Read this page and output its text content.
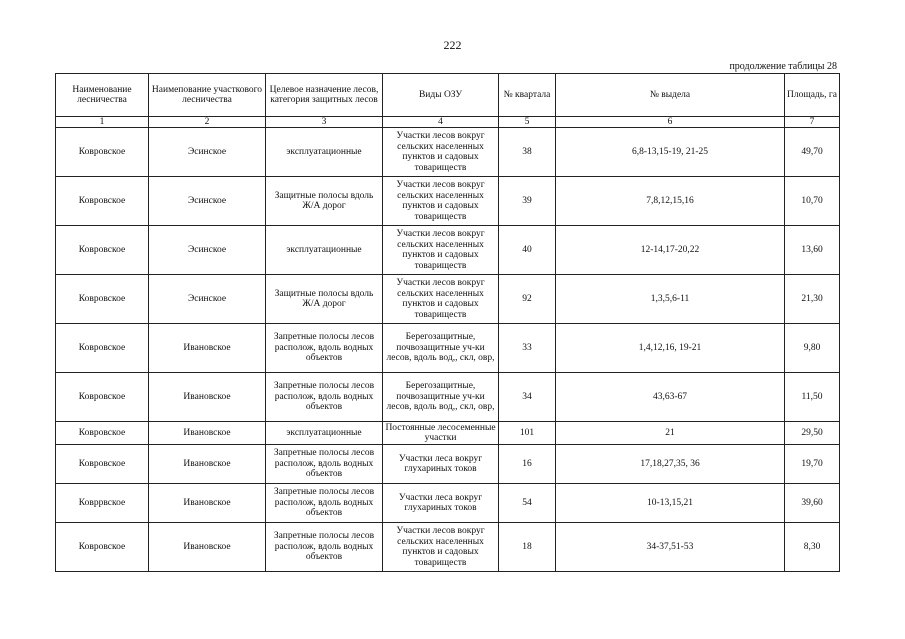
222
продолжение таблицы 28
Наименование лесничества	Наимепование участкового лесничества	Целевое назначение лесов, категория защитных лесов	Виды ОЗУ	№ квартала	№ выдела	Площадь, га
1	2	3	4	5	6	7
Ковровское	Эсинское	эксплуатационные	Участки лесов вокруг сельских населенных пунктов и садовых товариществ	38	6,8-13,15-19, 21-25	49,70
Ковровское	Эсинское	Защитные полосы вдоль Ж/А дорог	Участки лесов вокруг сельских населенных пунктов и садовых товариществ	39	7,8,12,15,16	10,70
Ковровское	Эсинское	эксплуатационные	Участки лесов вокруг сельских населенных пунктов и садовых товариществ	40	12-14,17-20,22	13,60
Ковровское	Эсинское	Защитные полосы вдоль Ж/А дорог	Участки лесов вокруг сельских населенных пунктов и садовых товариществ	92	1,3,5,6-11	21,30
Ковровское	Ивановское	Запретные полосы лесов располож, вдоль водных объектов	Берегозащитные, почвозащитные уч-ки лесов, вдоль вод,, скл, овр,	33	1,4,12,16, 19-21	9,80
Ковровское	Ивановское	Запретные полосы лесов располож, вдоль водных объектов	Берегозащитные, почвозащитные уч-ки лесов, вдоль вод,, скл, овр,	34	43,63-67	11,50
Ковровское	Ивановское	эксплуатационные	Постоянные лесосеменные участки	101	21	29,50
Ковровское	Ивановское	Запретные полосы лесов располож, вдоль водных объектов	Участки леса вокруг глухариных токов	16	17,18,27,35, 36	19,70
Ковррвское	Ивановское	Запретные полосы лесов располож, вдоль водных объектов	Участки леса вокруг глухариных токов	54	10-13,15,21	39,60
Ковровское	Ивановское	Запретные полосы лесов располож, вдоль водных объектов	Участки лесов вокруг сельских населенных пунктов и садовых товариществ	18	34-37,51-53	8,30
